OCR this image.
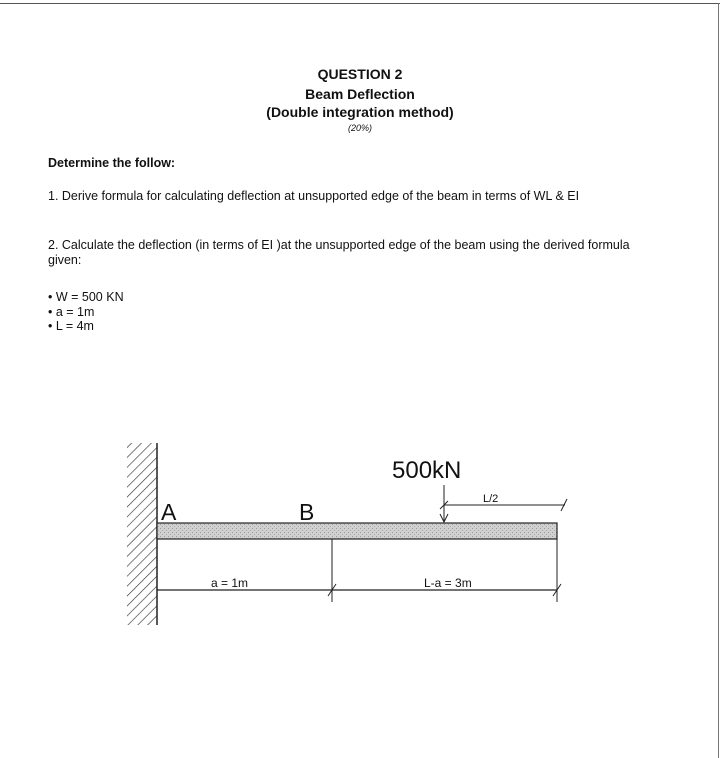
QUESTION 2
Beam Deflection
(Double integration method)
(20%)
Determine the follow:
1. Derive formula for calculating deflection at unsupported edge of the beam in terms of WL & EI
2. Calculate the deflection (in terms of EI )at the unsupported edge of the beam using the derived formula given:
• W = 500 KN
• a = 1m
• L = 4m
A	B
500kN
L/2
a = 1m	L-a = 3m
